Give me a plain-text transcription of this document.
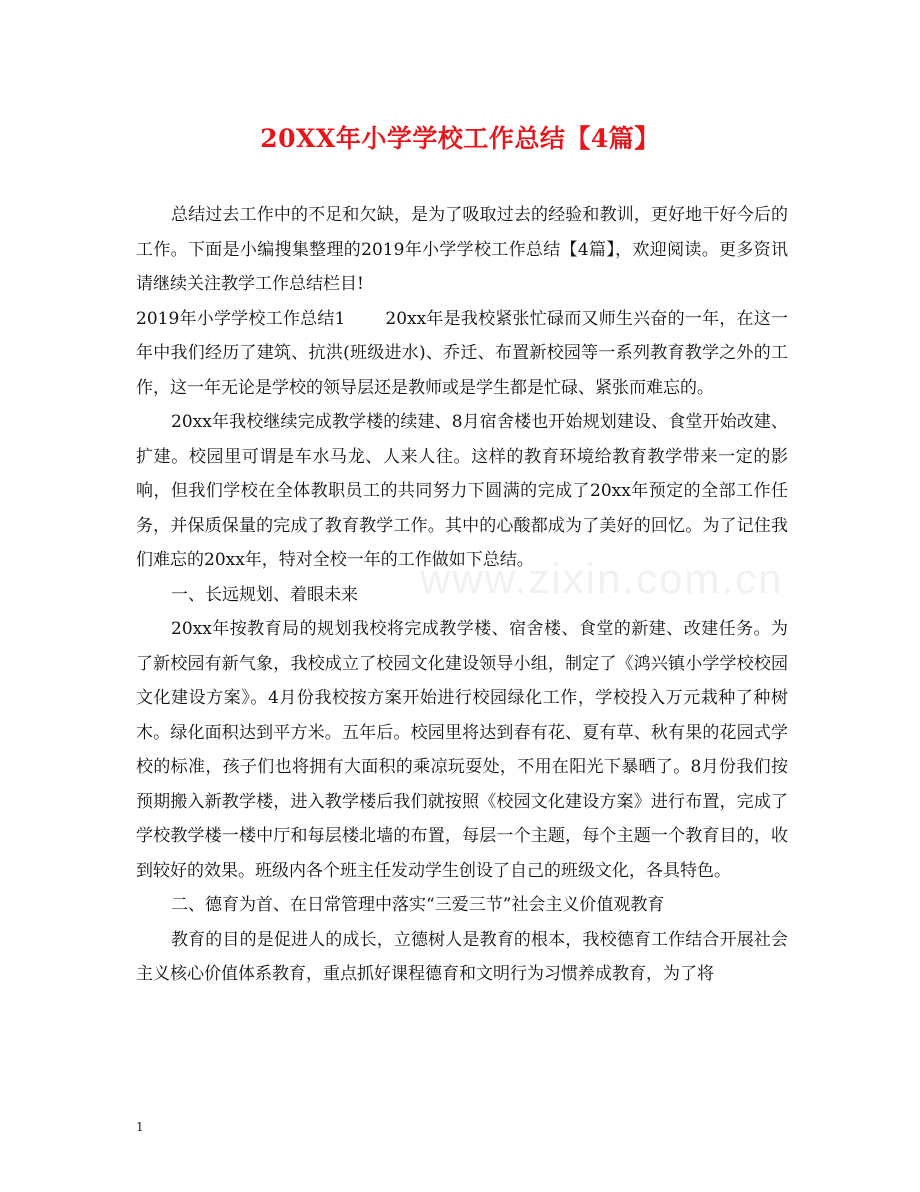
20XX年小学学校工作总结【4篇】
www.zixin.com.cn

总结过去工作中的不足和欠缺，是为了吸取过去的经验和教训，更好地干好今后的工作。下面是小编搜集整理的2019年小学学校工作总结【4篇】，欢迎阅读。更多资讯请继续关注教学工作总结栏目!

2019年小学学校工作总结1 20xx年是我校紧张忙碌而又师生兴奋的一年，在这一年中我们经历了建筑、抗洪(班级进水)、乔迁、布置新校园等一系列教育教学之外的工作，这一年无论是学校的领导层还是教师或是学生都是忙碌、紧张而难忘的。

20xx年我校继续完成教学楼的续建、8月宿舍楼也开始规划建设、食堂开始改建、扩建。校园里可谓是车水马龙、人来人往。这样的教育环境给教育教学带来一定的影响，但我们学校在全体教职员工的共同努力下圆满的完成了20xx年预定的全部工作任务，并保质保量的完成了教育教学工作。其中的心酸都成为了美好的回忆。为了记住我们难忘的20xx年，特对全校一年的工作做如下总结。

一、长远规划、着眼未来

20xx年按教育局的规划我校将完成教学楼、宿舍楼、食堂的新建、改建任务。为了新校园有新气象，我校成立了校园文化建设领导小组，制定了《鸿兴镇小学学校校园文化建设方案》。4月份我校按方案开始进行校园绿化工作，学校投入万元栽种了种树木。绿化面积达到平方米。五年后。校园里将达到春有花、夏有草、秋有果的花园式学校的标准，孩子们也将拥有大面积的乘凉玩耍处，不用在阳光下暴晒了。8月份我们按预期搬入新教学楼，进入教学楼后我们就按照《校园文化建设方案》进行布置，完成了学校教学楼一楼中厅和每层楼北墙的布置，每层一个主题，每个主题一个教育目的，收到较好的效果。班级内各个班主任发动学生创设了自己的班级文化，各具特色。

二、德育为首、在日常管理中落实“三爱三节”社会主义价值观教育

教育的目的是促进人的成长，立德树人是教育的根本，我校德育工作结合开展社会主义核心价值体系教育，重点抓好课程德育和文明行为习惯养成教育，为了将

1
